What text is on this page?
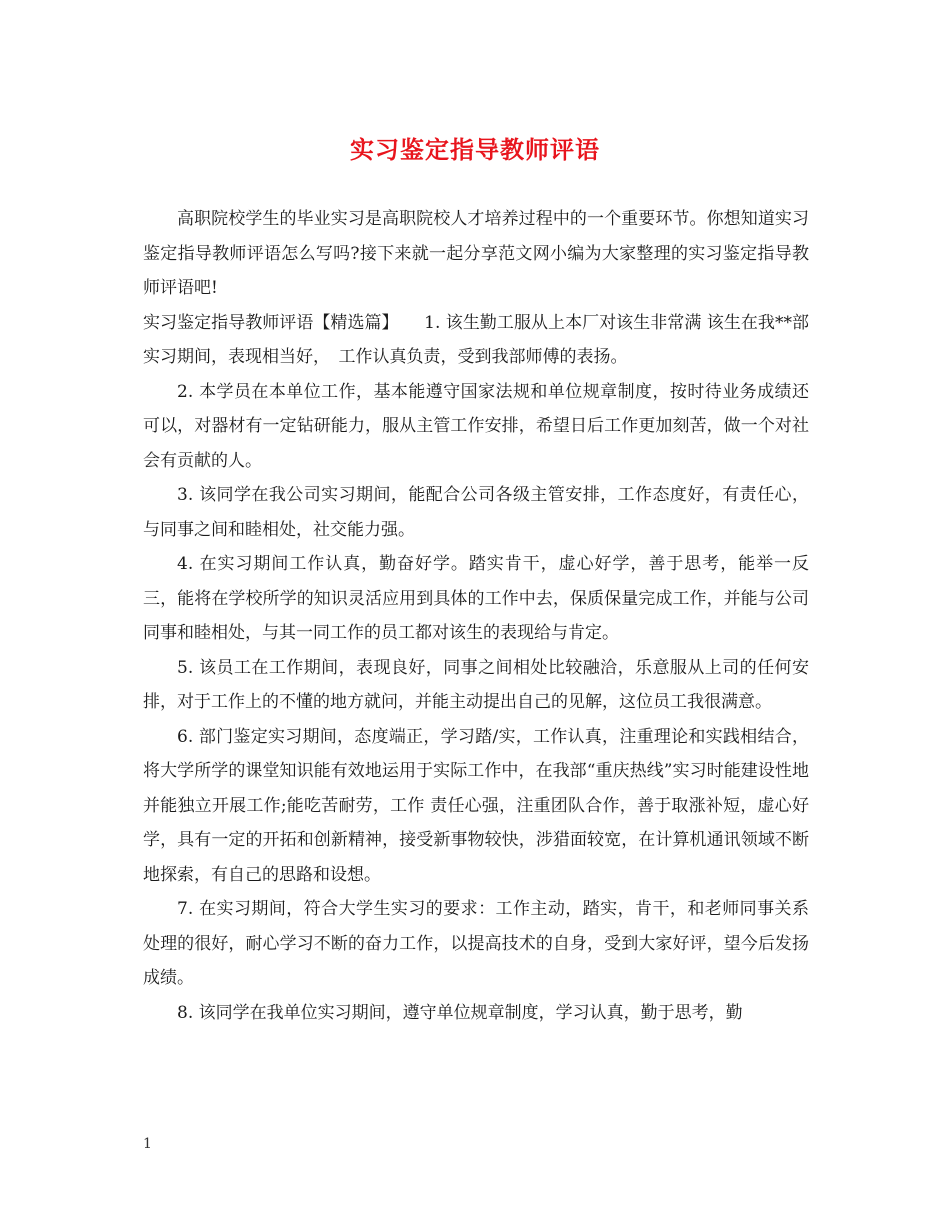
实习鉴定指导教师评语

高职院校学生的毕业实习是高职院校人才培养过程中的一个重要环节。你想知道实习鉴定指导教师评语怎么写吗?接下来就一起分享范文网小编为大家整理的实习鉴定指导教师评语吧!

实习鉴定指导教师评语【精选篇】　　1. 该生勤工服从上本厂对该生非常满 该生在我**部实习期间，表现相当好，　工作认真负责，受到我部师傅的表扬。

2. 本学员在本单位工作，基本能遵守国家法规和单位规章制度，按时待业务成绩还可以，对器材有一定钻研能力，服从主管工作安排，希望日后工作更加刻苦，做一个对社会有贡献的人。

3. 该同学在我公司实习期间，能配合公司各级主管安排，工作态度好，有责任心，与同事之间和睦相处，社交能力强。

4. 在实习期间工作认真，勤奋好学。踏实肯干，虚心好学，善于思考，能举一反三，能将在学校所学的知识灵活应用到具体的工作中去，保质保量完成工作，并能与公司同事和睦相处，与其一同工作的员工都对该生的表现给与肯定。

5. 该员工在工作期间，表现良好，同事之间相处比较融洽，乐意服从上司的任何安排，对于工作上的不懂的地方就问，并能主动提出自己的见解，这位员工我很满意。

6. 部门鉴定实习期间，态度端正，学习踏/实，工作认真，注重理论和实践相结合，将大学所学的课堂知识能有效地运用于实际工作中，在我部“重庆热线”实习时能建设性地并能独立开展工作;能吃苦耐劳，工作 责任心强，注重团队合作，善于取涨补短，虚心好学，具有一定的开拓和创新精神，接受新事物较快，涉猎面较宽，在计算机通讯领域不断地探索，有自己的思路和设想。

7. 在实习期间，符合大学生实习的要求：工作主动，踏实，肯干，和老师同事关系处理的很好，耐心学习不断的奋力工作，以提高技术的自身，受到大家好评，望今后发扬成绩。

8. 该同学在我单位实习期间，遵守单位规章制度，学习认真，勤于思考，勤

1
